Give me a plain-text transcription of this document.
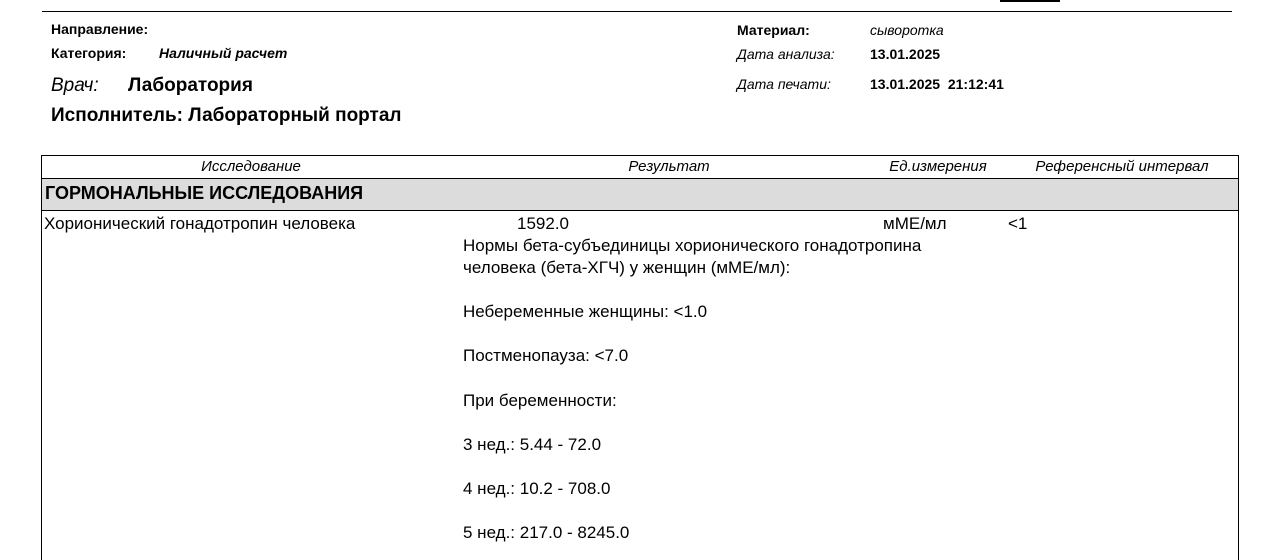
Направление:
Категория: Наличный расчет
Врач: Лаборатория
Исполнитель: Лабораторный портал
Материал:	сыворотка
Дата анализа:	13.01.2025
Дата печати:	13.01.2025  21:12:41
Исследование	Результат	Ед.измерения	Референсный интервал
ГОРМОНАЛЬНЫЕ ИССЛЕДОВАНИЯ
Хорионический гонадотропин человека	1592.0	мМЕ/мл	<1
Нормы бета-субъединицы хорионического гонадотропина
человека (бета-ХГЧ) у женщин (мМЕ/мл):
Небеременные женщины: <1.0
Постменопауза: <7.0
При беременности:
3 нед.: 5.44 - 72.0
4 нед.: 10.2 - 708.0
5 нед.: 217.0 - 8245.0
